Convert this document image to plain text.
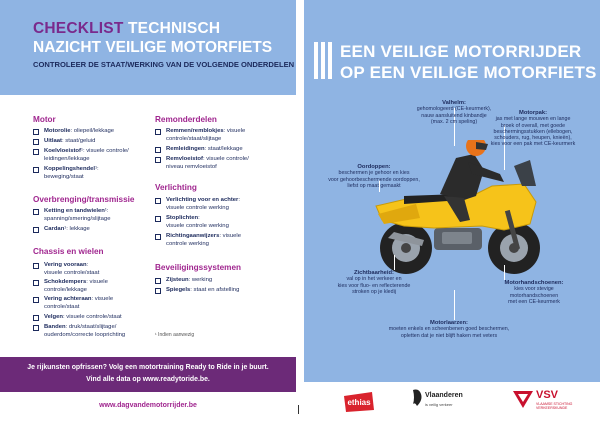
CHECKLIST TECHNISCH
NAZICHT VEILIGE MOTORFIETS
CONTROLEER DE STAAT/WERKING VAN DE VOLGENDE ONDERDELEN
Motor
Motorolie: oliepeil/lekkage
Uitlaat: staat/geluid
Koelvloeistof¹: visuele controle/
leidingen/lekkage
Koppelingshendel¹:
beweging/staat
Overbrenging/transmissie
Ketting en tandwielen¹:
spanning/smering/slijtage
Cardan¹: lekkage
Chassis en wielen
Vering vooraan:
visuele controle/staat
Schokdempers: visuele
controle/lekkage
Vering achteraan: visuele
controle/staat
Velgen: visuele controle/staat
Banden: druk/staat/slijtage/
ouderdom/correcte looprichting
Remonderdelen
Remmen/remblokjes: visuele
controle/staat/slijtage
Remleidingen: staat/lekkage
Remvloeistof: visuele controle/
niveau remvloeistof
Verlichting
Verlichting voor en achter:
visuele controle werking
Stoplichten:
visuele controle werking
Richtingaanwijzers: visuele
controle werking
Beveiligingssystemen
Zijsteun: werking
Spiegels: staat en afstelling
¹ Indien aanwezig
Je rijkunsten opfrissen? Volg een motortraining Ready to Ride in je buurt.
Vind alle data op www.readytoride.be.
www.dagvandemotorrijder.be
EEN VEILIGE MOTORRIJDER
OP EEN VEILIGE MOTORFIETS
Valhelm:
gehomologeerd (CE-keurmerk),
nauw aansluitend kinbandje
(max. 2 cm speling)
Motorpak:
jas met lange mouwen en lange
broek of overall, met goede
beschermingsstukken (ellebogen,
schouders, rug, heupen, knieën),
kies voor een pak met CE-keurmerk
Oordoppen:
beschermen je gehoor en kies
voor gehoorbeschermende oordoppen,
liefst op maat gemaakt
Zichtbaarheid:
val op in het verkeer en
kies voor fluo- en reflecterende
stroken op je kledij
Motorhandschoenen:
kies voor stevige
motorhandschoenen
met een CE-keurmerk
Motorlaarzen:
moeten enkels en scheenbenen goed beschermen,
opletten dat je niet blijft haken met veters
ethias
Vlaanderen
is veilig verkeer
VSV
VLAAMSE STICHTING VERKEERSKUNDE
